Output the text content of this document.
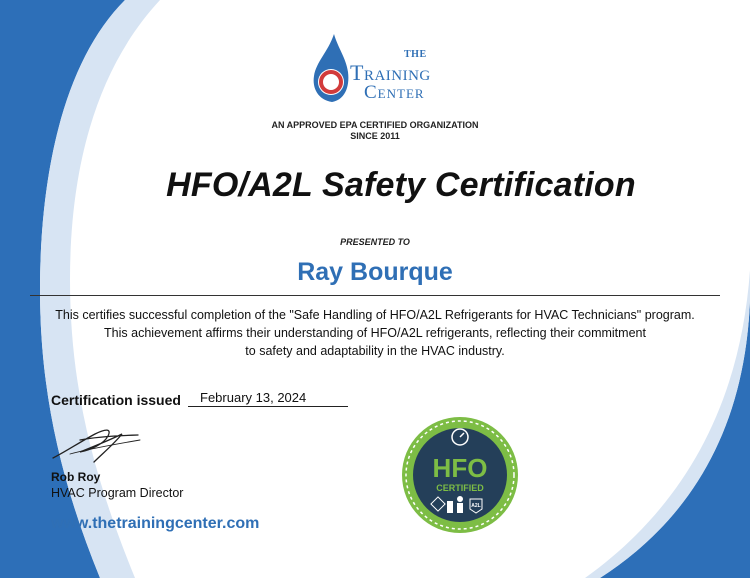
THE
Training
Center
AN APPROVED EPA CERTIFIED ORGANIZATION
SINCE 2011
HFO/A2L Safety Certification
PRESENTED TO
Ray Bourque
This certifies successful completion of the "Safe Handling of HFO/A2L Refrigerants for HVAC Technicians" program.
This achievement affirms their understanding of HFO/A2L refrigerants, reflecting their commitment
to safety and adaptability in the HVAC industry.
Certification issued February 13, 2024
Rob Roy
HVAC Program Director
www.thetrainingcenter.com
HFO
CERTIFIED
A2L
